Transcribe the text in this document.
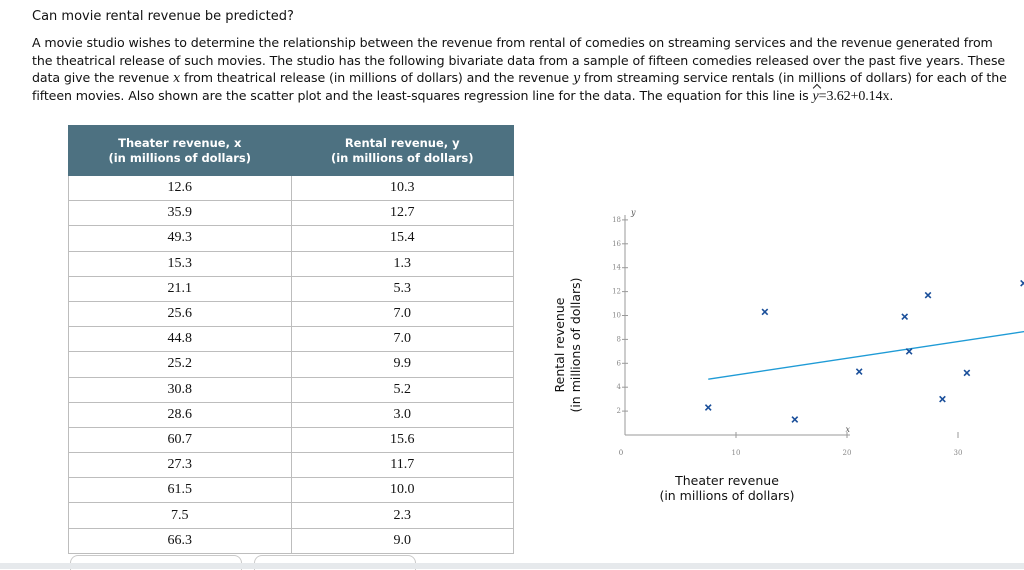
Can movie rental revenue be predicted?
A movie studio wishes to determine the relationship between the revenue from rental of comedies on streaming services and the revenue generated from the theatrical release of such movies. The studio has the following bivariate data from a sample of fifteen comedies released over the past five years. These data give the revenue x from theatrical release (in millions of dollars) and the revenue y from streaming service rentals (in millions of dollars) for each of the fifteen movies. Also shown are the scatter plot and the least-squares regression line for the data. The equation for this line is y=3.62+0.14x.
Theater revenue, x
(in millions of dollars)	Rental revenue, y
(in millions of dollars)

12.6	10.3
35.9	12.7
49.3	15.4
15.3	1.3
21.1	5.3
25.6	7.0
44.8	7.0
25.2	9.9
30.8	5.2
28.6	3.0
60.7	15.6
27.3	11.7
61.5	10.0
7.5	2.3
66.3	9.0
x
y
0	10	20	30
2
4
6
8
10
12
14
16
18
Rental revenue (in millions of dollars)
Theater revenue
(in millions of dollars)
